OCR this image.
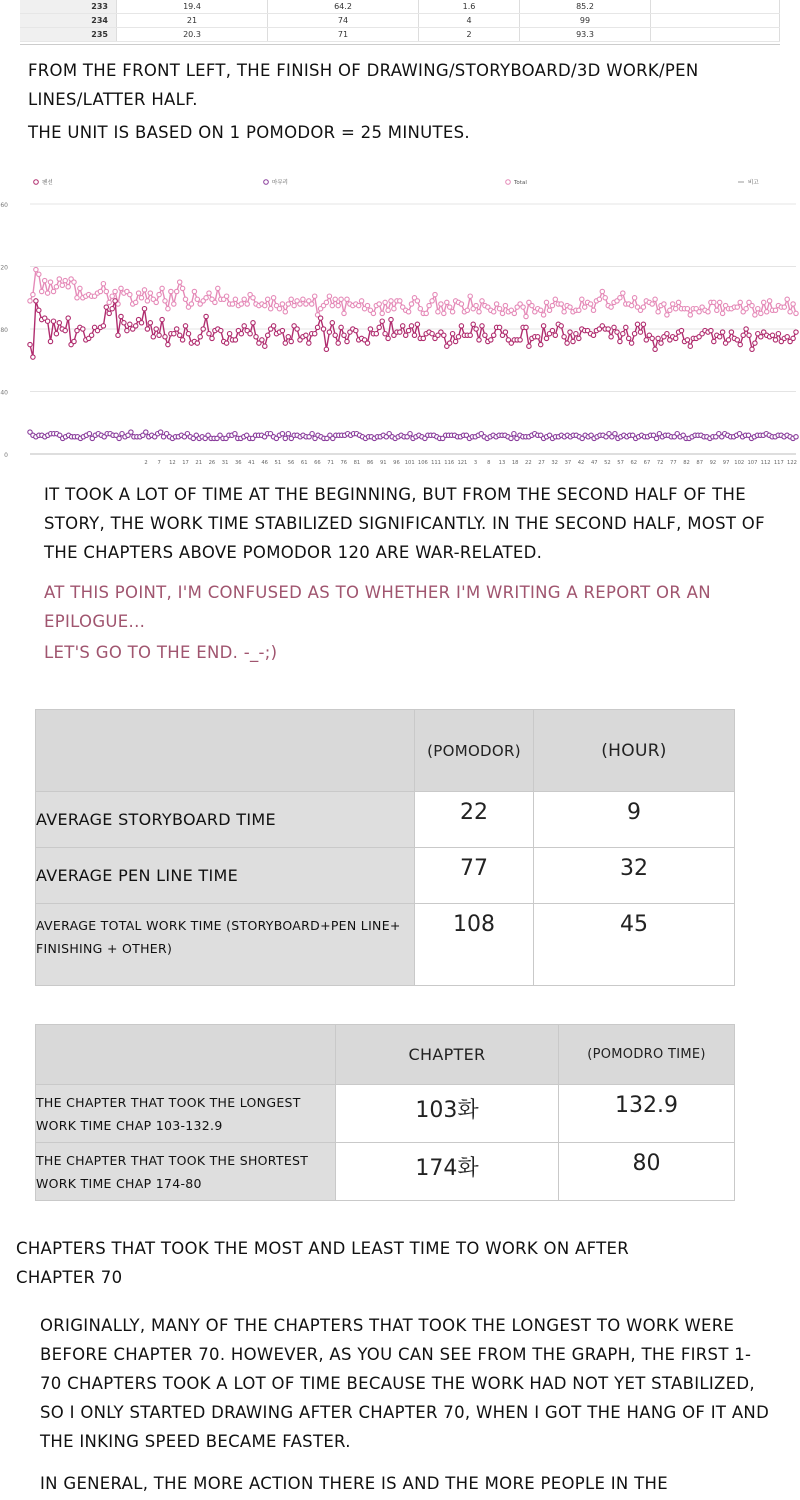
233	19.4	64.2	1.6	85.2	
234	21	74	4	99	
235	20.3	71	2	93.3	

FROM THE FRONT LEFT, THE FINISH OF DRAWING/STORYBOARD/3D WORK/PEN LINES/LATTER HALF.

THE UNIT IS BASED ON 1 POMODOR = 25 MINUTES.

0
40
80
20
60
2 7 12 17 21 26 31 36 41 46 51 56 61 66 71 76 81 86 91 96 101 106 111 116 121 3 8 13 18 22 27 32 37 42 47 52 57 62 67 72 77 82 87 92 97 102 107 112 117 122
펜선	마무리	Total	비고

IT TOOK A LOT OF TIME AT THE BEGINNING, BUT FROM THE SECOND HALF OF THE STORY, THE WORK TIME STABILIZED SIGNIFICANTLY. IN THE SECOND HALF, MOST OF THE CHAPTERS ABOVE POMODOR 120 ARE WAR-RELATED.

AT THIS POINT, I'M CONFUSED AS TO WHETHER I'M WRITING A REPORT OR AN EPILOGUE...

LET'S GO TO THE END. -_-;)

	(POMODOR)	(HOUR)
AVERAGE STORYBOARD TIME	22	9
AVERAGE PEN LINE TIME	77	32
AVERAGE TOTAL WORK TIME (STORYBOARD+PEN LINE+ FINISHING + OTHER)	108	45
	CHAPTER	(POMODRO TIME)
THE CHAPTER THAT TOOK THE LONGEST WORK TIME CHAP 103-132.9	103화	132.9
THE CHAPTER THAT TOOK THE SHORTEST WORK TIME CHAP 174-80	174화	80

CHAPTERS THAT TOOK THE MOST AND LEAST TIME TO WORK ON AFTER CHAPTER 70

ORIGINALLY, MANY OF THE CHAPTERS THAT TOOK THE LONGEST TO WORK WERE BEFORE CHAPTER 70. HOWEVER, AS YOU CAN SEE FROM THE GRAPH, THE FIRST 1-70 CHAPTERS TOOK A LOT OF TIME BECAUSE THE WORK HAD NOT YET STABILIZED, SO I ONLY STARTED DRAWING AFTER CHAPTER 70, WHEN I GOT THE HANG OF IT AND THE INKING SPEED BECAME FASTER.

IN GENERAL, THE MORE ACTION THERE IS AND THE MORE PEOPLE IN THE
